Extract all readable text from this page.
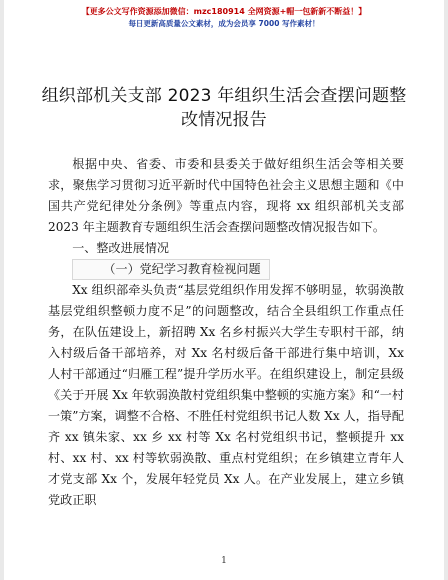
【更多公文写作资源添加微信：mzc180914 全网资源+帽一包新新不断益！】
每日更新高质量公文素材，成为会员享 7000 写作素材！
组织部机关支部 2023 年组织生活会查摆问题整改情况报告

根据中央、省委、市委和县委关于做好组织生活会等相关要求，聚焦学习贯彻习近平新时代中国特色社会主义思想主题和《中国共产党纪律处分条例》等重点内容，现将 xx 组织部机关支部 2023 年主题教育专题组织生活会查摆问题整改情况报告如下。

一、整改进展情况

（一）党纪学习教育检视问题

Xx 组织部牵头负责“基层党组织作用发挥不够明显，软弱涣散基层党组织整顿力度不足”的问题整改，结合全县组织工作重点任务，在队伍建设上，新招聘 Xx 名乡村振兴大学生专职村干部，纳入村级后备干部培养，对 Xx 名村级后备干部进行集中培训，Xx 人村干部通过“归雁工程”提升学历水平。在组织建设上，制定县级《关于开展 Xx 年软弱涣散村党组织集中整顿的实施方案》和“一村一策”方案，调整不合格、不胜任村党组织书记人数 Xx 人，指导配齐 xx 镇朱家、xx 乡 xx 村等 Xx 名村党组织书记，整顿提升 xx 村、xx 村、xx 村等软弱涣散、重点村党组织；在乡镇建立青年人才党支部 Xx 个，发展年轻党员 Xx 人。在产业发展上，建立乡镇党政正职

1
